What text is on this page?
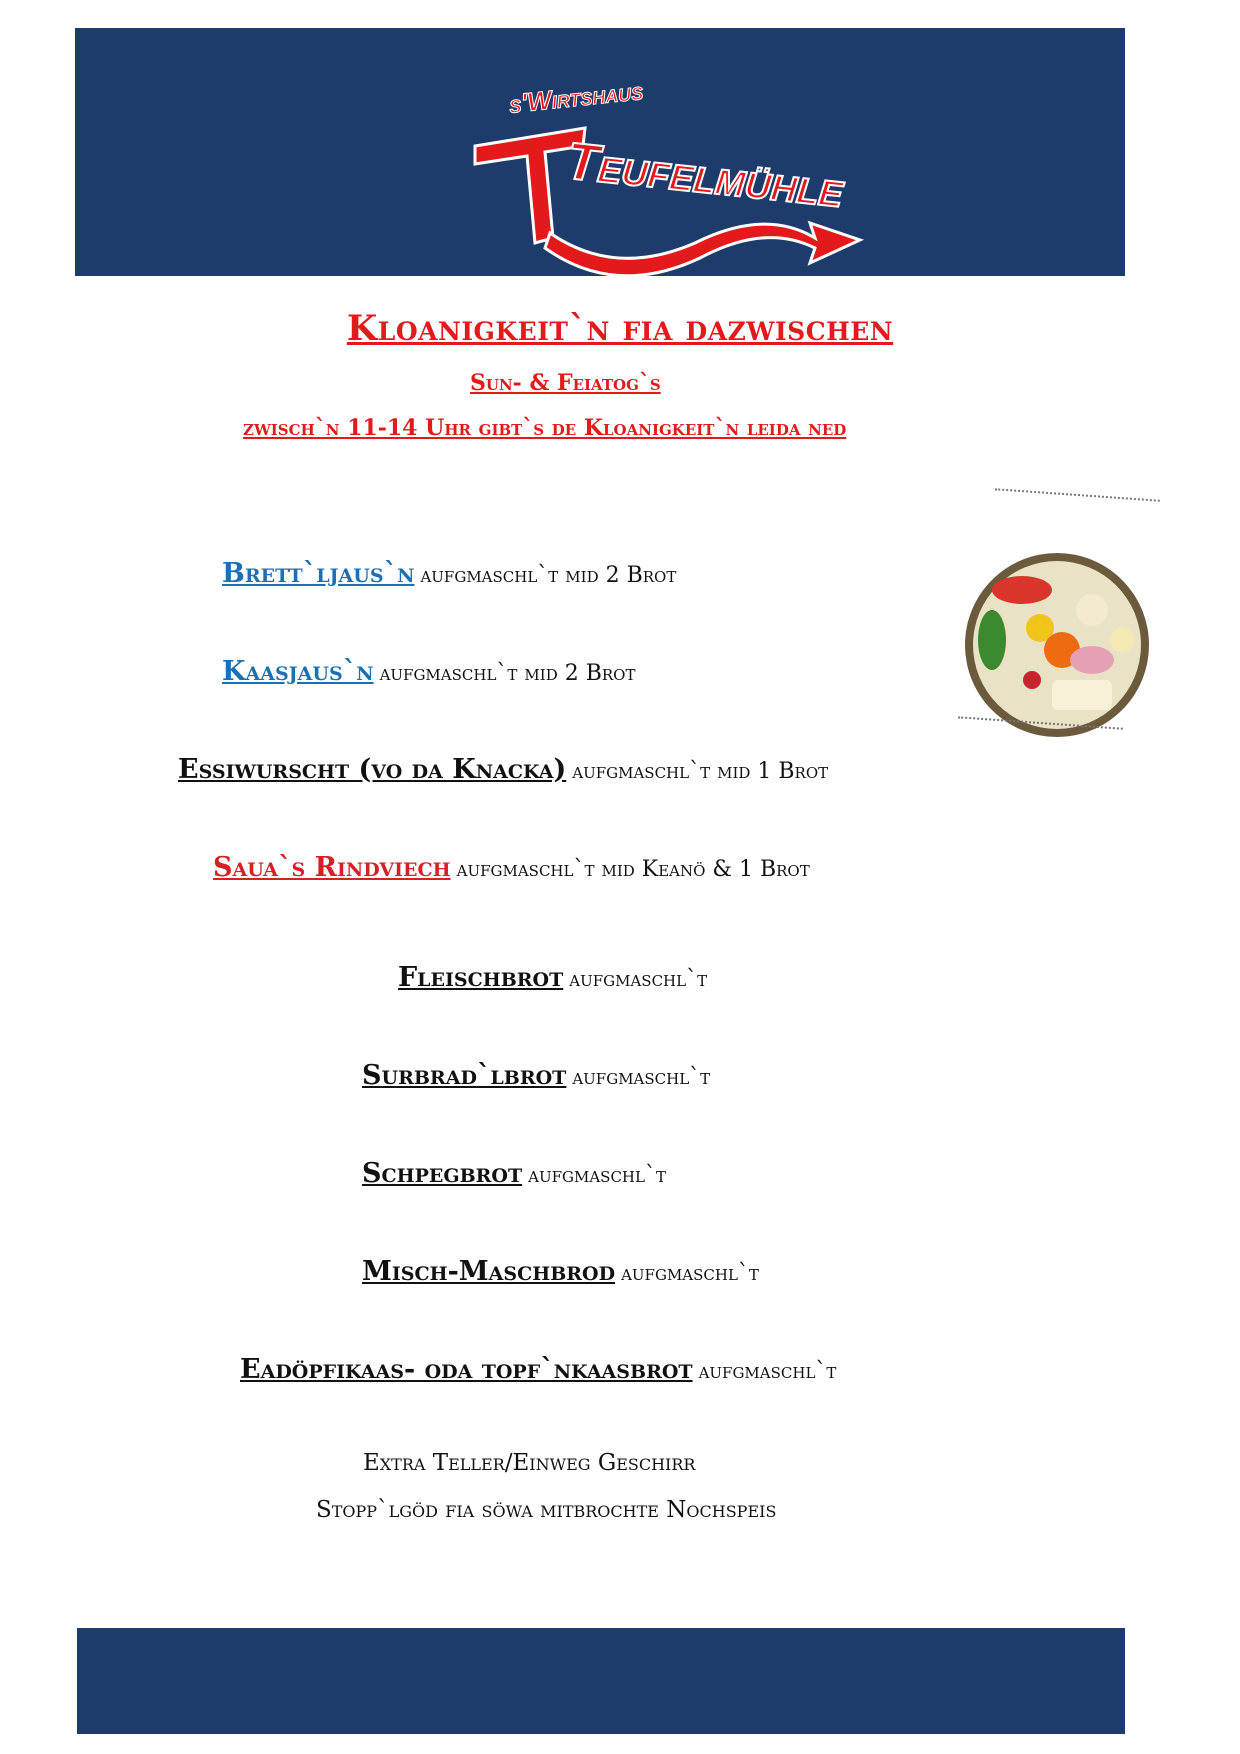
s'Wirtshaus
Teufelmühle
Kloanigkeit`n fia dazwischen
Sun- & Feiatog`s
zwisch`n 11-14 Uhr gibt`s de Kloanigkeit`n leida ned
Brett`ljaus`n aufgmaschl`t mid 2 Brot
Kaasjaus`n aufgmaschl`t mid 2 Brot
Essiwurscht (vo da Knacka) aufgmaschl`t mid 1 Brot
Saua`s Rindviech aufgmaschl`t mid Keanö & 1 Brot
Fleischbrot aufgmaschl`t
Surbrad`lbrot aufgmaschl`t
Schpegbrot aufgmaschl`t
Misch-Maschbrod aufgmaschl`t
Eadöpfikaas- oda topf`nkaasbrot aufgmaschl`t
Extra Teller/Einweg Geschirr
Stopp`lgöd fia söwa mitbrochte Nochspeis
